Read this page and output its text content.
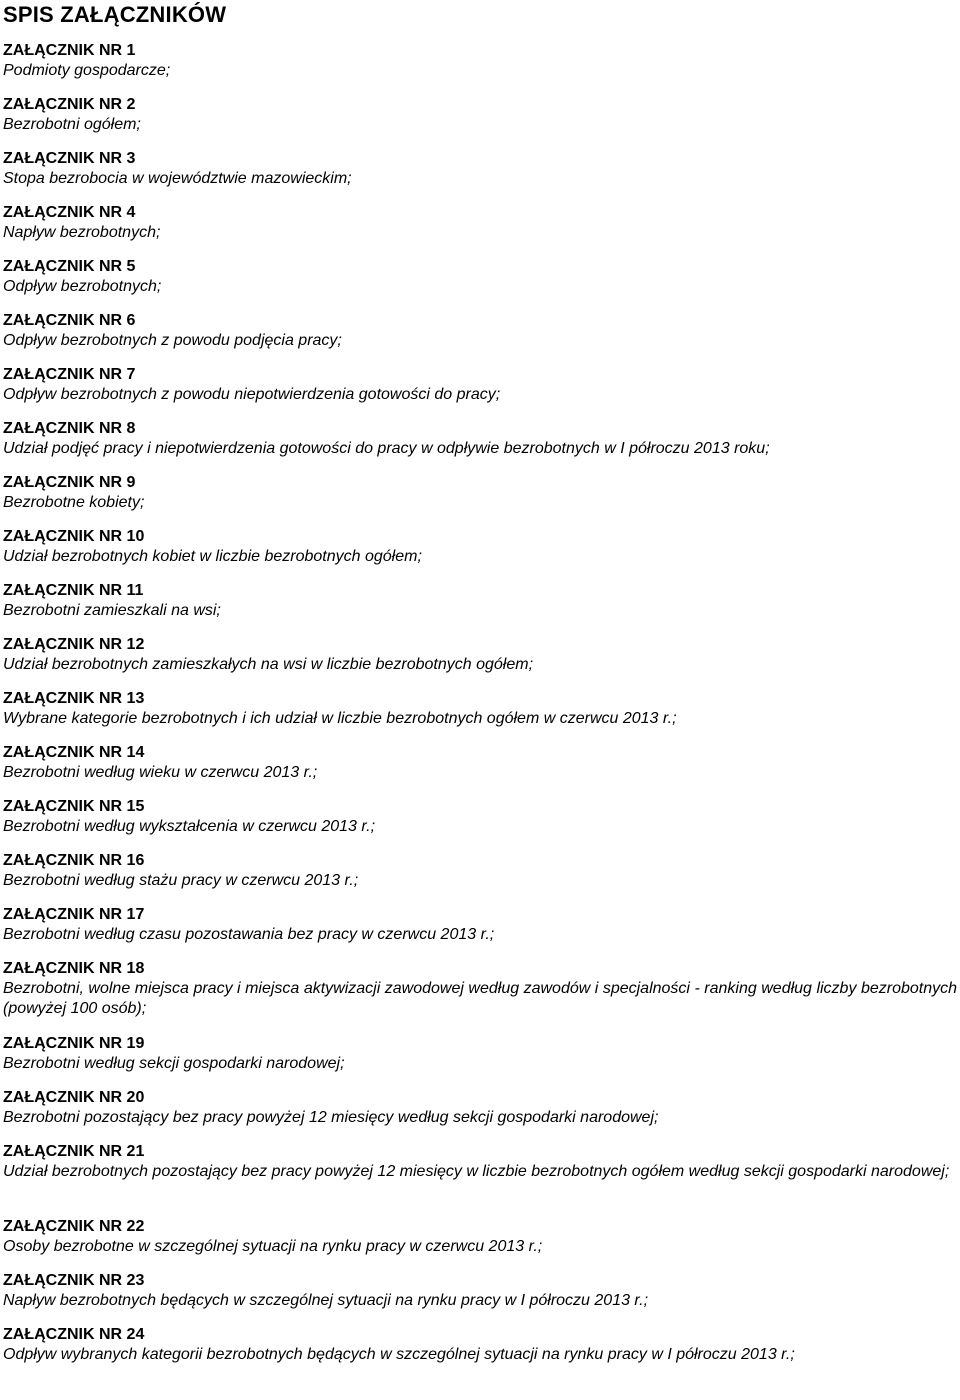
SPIS ZAŁĄCZNIKÓW

ZAŁĄCZNIK NR 1

Podmioty gospodarcze;

ZAŁĄCZNIK NR 2

Bezrobotni ogółem;

ZAŁĄCZNIK NR 3

Stopa bezrobocia w województwie mazowieckim;

ZAŁĄCZNIK NR 4

Napływ bezrobotnych;

ZAŁĄCZNIK NR 5

Odpływ bezrobotnych;

ZAŁĄCZNIK NR 6

Odpływ bezrobotnych z powodu podjęcia pracy;

ZAŁĄCZNIK NR 7

Odpływ bezrobotnych z powodu niepotwierdzenia gotowości do pracy;

ZAŁĄCZNIK NR 8

Udział podjęć pracy i niepotwierdzenia gotowości do pracy w odpływie bezrobotnych w I półroczu 2013 roku;

ZAŁĄCZNIK NR 9

Bezrobotne kobiety;

ZAŁĄCZNIK NR 10

Udział bezrobotnych kobiet w liczbie bezrobotnych ogółem;

ZAŁĄCZNIK NR 11

Bezrobotni zamieszkali na wsi;

ZAŁĄCZNIK NR 12

Udział bezrobotnych zamieszkałych na wsi w liczbie bezrobotnych ogółem;

ZAŁĄCZNIK NR 13

Wybrane kategorie bezrobotnych i ich udział w liczbie bezrobotnych ogółem w czerwcu 2013 r.;

ZAŁĄCZNIK NR 14

Bezrobotni według wieku w czerwcu 2013 r.;

ZAŁĄCZNIK NR 15

Bezrobotni według wykształcenia w czerwcu 2013 r.;

ZAŁĄCZNIK NR 16

Bezrobotni według stażu pracy w czerwcu 2013 r.;

ZAŁĄCZNIK NR 17

Bezrobotni według czasu pozostawania bez pracy w czerwcu 2013 r.;

ZAŁĄCZNIK NR 18

Bezrobotni, wolne miejsca pracy i miejsca aktywizacji zawodowej według zawodów i specjalności - ranking według liczby bezrobotnych (powyżej 100 osób);

ZAŁĄCZNIK NR 19

Bezrobotni według sekcji gospodarki narodowej;

ZAŁĄCZNIK NR 20

Bezrobotni pozostający bez pracy powyżej 12 miesięcy według sekcji gospodarki narodowej;

ZAŁĄCZNIK NR 21

Udział bezrobotnych pozostający bez pracy powyżej 12 miesięcy w liczbie bezrobotnych ogółem według sekcji gospodarki narodowej;

ZAŁĄCZNIK NR 22

Osoby bezrobotne w szczególnej sytuacji na rynku pracy w czerwcu 2013 r.;

ZAŁĄCZNIK NR 23

Napływ bezrobotnych będących w szczególnej sytuacji na rynku pracy w I półroczu 2013 r.;

ZAŁĄCZNIK NR 24

Odpływ wybranych kategorii bezrobotnych będących w szczególnej sytuacji na rynku pracy w I półroczu 2013 r.;
